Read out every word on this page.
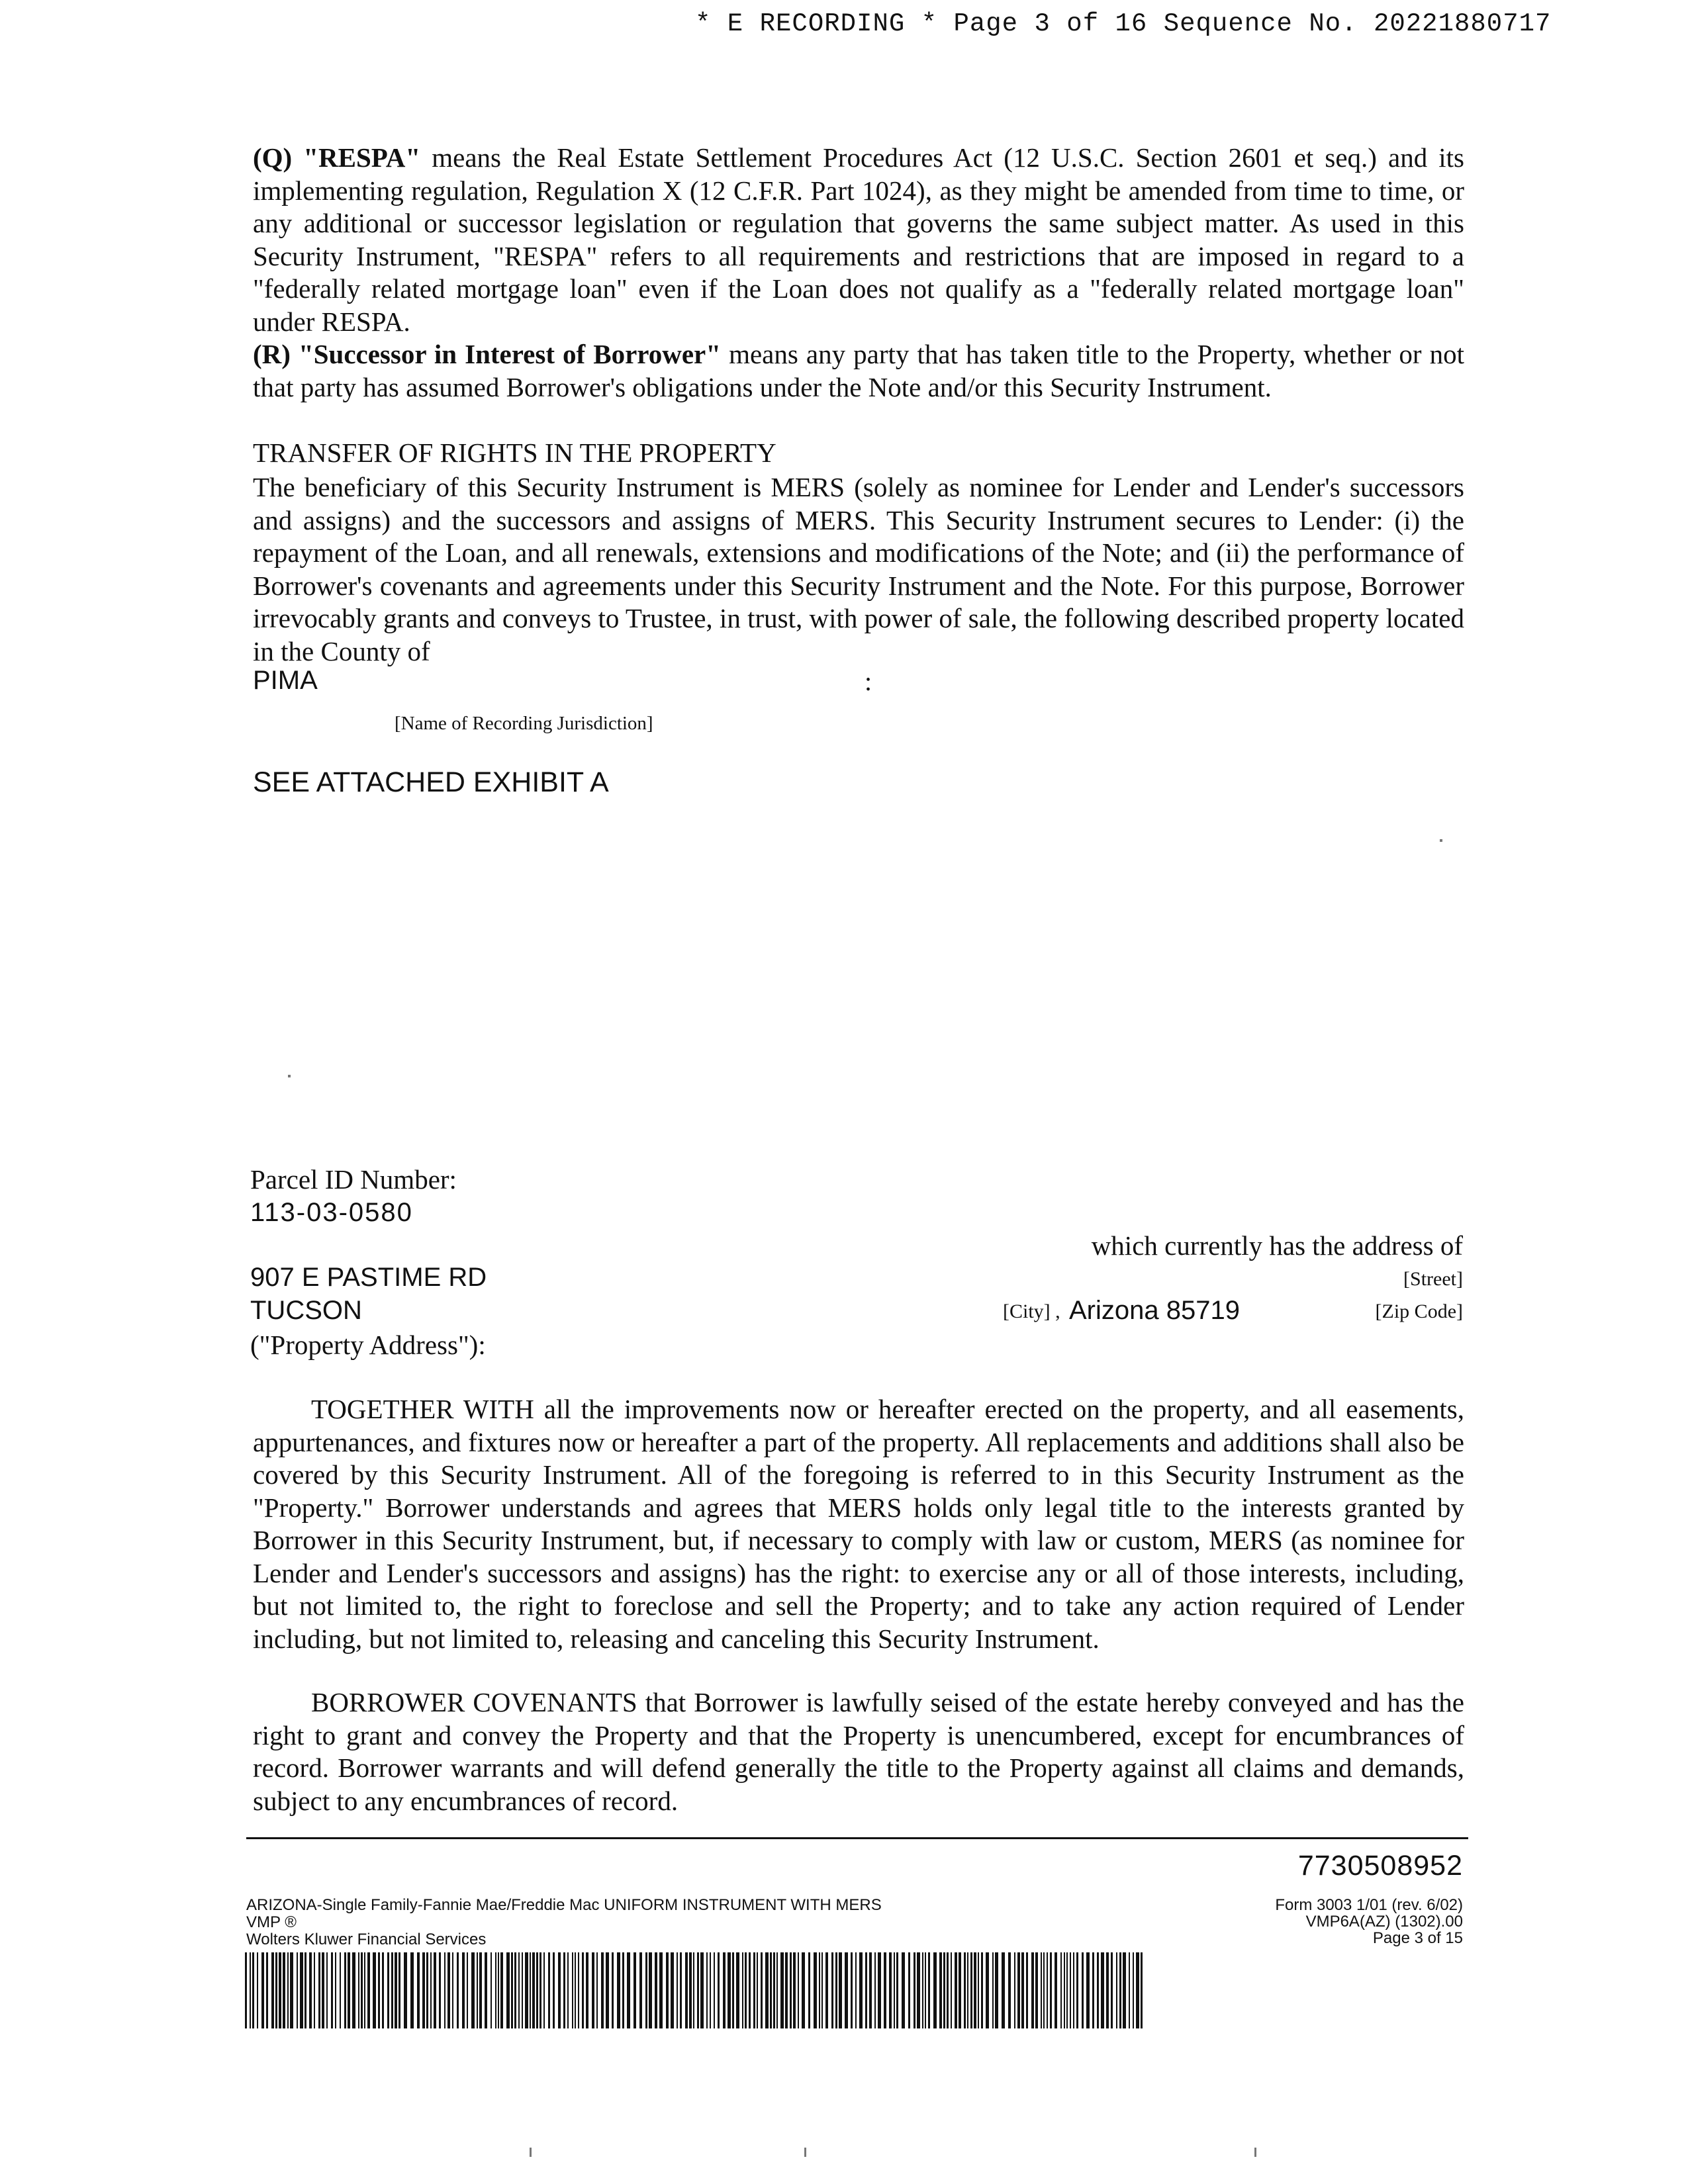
* E RECORDING * Page 3 of 16 Sequence No. 20221880717
(Q) "RESPA" means the Real Estate Settlement Procedures Act (12 U.S.C. Section 2601 et seq.) and its implementing regulation, Regulation X (12 C.F.R. Part 1024), as they might be amended from time to time, or any additional or successor legislation or regulation that governs the same subject matter. As used in this Security Instrument, "RESPA" refers to all requirements and restrictions that are imposed in regard to a "federally related mortgage loan" even if the Loan does not qualify as a "federally related mortgage loan" under RESPA.
(R) "Successor in Interest of Borrower" means any party that has taken title to the Property, whether or not that party has assumed Borrower's obligations under the Note and/or this Security Instrument.
TRANSFER OF RIGHTS IN THE PROPERTY
The beneficiary of this Security Instrument is MERS (solely as nominee for Lender and Lender's successors and assigns) and the successors and assigns of MERS. This Security Instrument secures to Lender: (i) the repayment of the Loan, and all renewals, extensions and modifications of the Note; and (ii) the performance of Borrower's covenants and agreements under this Security Instrument and the Note. For this purpose, Borrower irrevocably grants and conveys to Trustee, in trust, with power of sale, the following described property located in the County of
PIMA	:
[Name of Recording Jurisdiction]
SEE ATTACHED EXHIBIT A
Parcel ID Number:
113-03-0580
which currently has the address of
907 E PASTIME RD	[Street]
TUCSON	[City] , Arizona 85719	[Zip Code]
("Property Address"):
TOGETHER WITH all the improvements now or hereafter erected on the property, and all easements, appurtenances, and fixtures now or hereafter a part of the property. All replacements and additions shall also be covered by this Security Instrument. All of the foregoing is referred to in this Security Instrument as the "Property." Borrower understands and agrees that MERS holds only legal title to the interests granted by Borrower in this Security Instrument, but, if necessary to comply with law or custom, MERS (as nominee for Lender and Lender's successors and assigns) has the right: to exercise any or all of those interests, including, but not limited to, the right to foreclose and sell the Property; and to take any action required of Lender including, but not limited to, releasing and canceling this Security Instrument.
BORROWER COVENANTS that Borrower is lawfully seised of the estate hereby conveyed and has the right to grant and convey the Property and that the Property is unencumbered, except for encumbrances of record. Borrower warrants and will defend generally the title to the Property against all claims and demands, subject to any encumbrances of record.
7730508952
ARIZONA-Single Family-Fannie Mae/Freddie Mac UNIFORM INSTRUMENT WITH MERS
VMP ®
Wolters Kluwer Financial Services
Form 3003 1/01 (rev. 6/02)
VMP6A(AZ) (1302).00
Page 3 of 15
